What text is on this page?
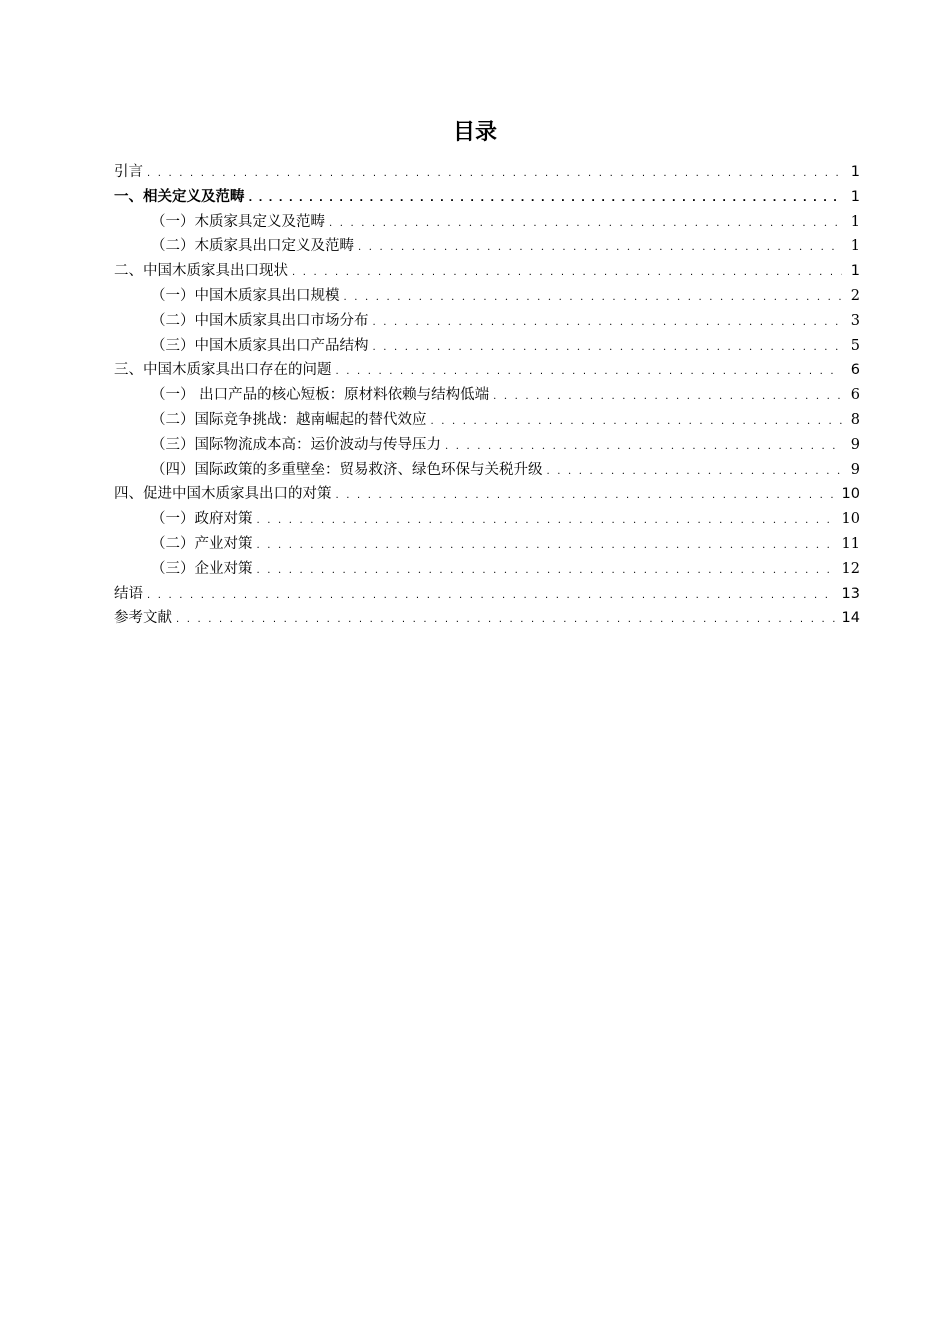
目录
引言 . . .	1
一、相关定义及范畴 . . .	1
（一）木质家具定义及范畴 . . .	1
（二）木质家具出口定义及范畴 . . .	1
二、中国木质家具出口现状 . . .	1
（一）中国木质家具出口规模 . . .	2
（二）中国木质家具出口市场分布 . . .	3
（三）中国木质家具出口产品结构 . . .	5
三、中国木质家具出口存在的问题 . . .	6
（一） 出口产品的核心短板：原材料依赖与结构低端 . . .	6
（二）国际竞争挑战：越南崛起的替代效应 . . .	8
（三）国际物流成本高：运价波动与传导压力 . . .	9
（四）国际政策的多重壁垒：贸易救济、绿色环保与关税升级 . . .	9
四、促进中国木质家具出口的对策 . . .	10
（一）政府对策 . . .	10
（二）产业对策 . . .	11
（三）企业对策 . . .	12
结语 . . .	13
参考文献 . . .	14
